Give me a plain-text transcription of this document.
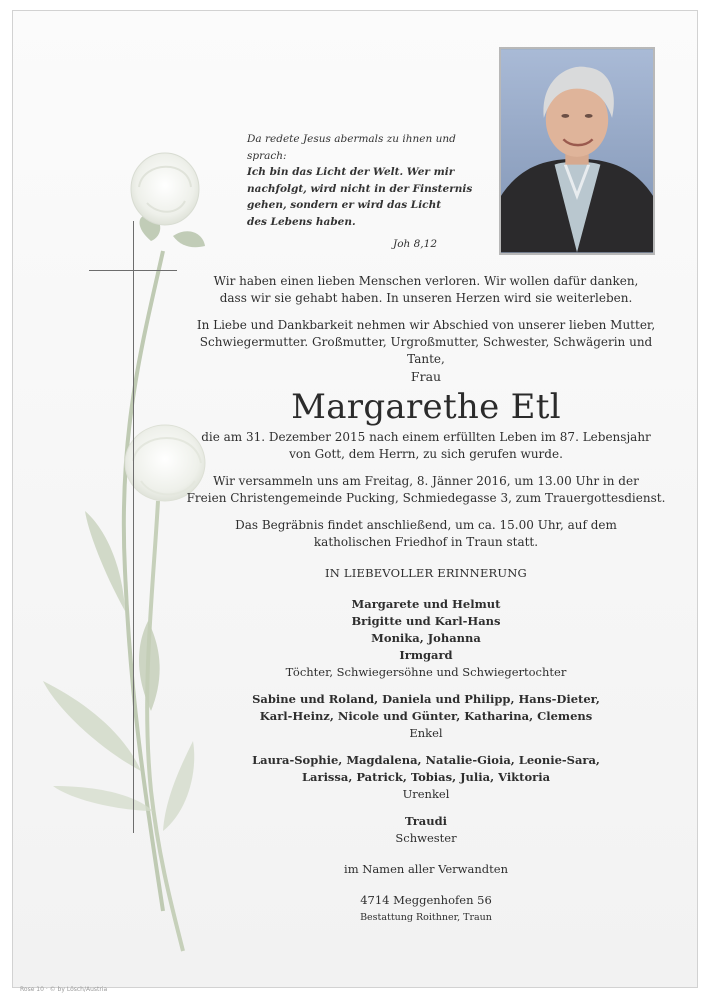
Da redete Jesus abermals zu ihnen und
sprach:
Ich bin das Licht der Welt. Wer mir
nachfolgt, wird nicht in der Finsternis
gehen, sondern er wird das Licht
des Lebens haben.
Joh 8,12

Wir haben einen lieben Menschen verloren. Wir wollen dafür danken,

dass wir sie gehabt haben. In unseren Herzen wird sie weiterleben.

In Liebe und Dankbarkeit nehmen wir Abschied von unserer lieben Mutter,

Schwiegermutter. Großmutter, Urgroßmutter, Schwester, Schwägerin und Tante,

Frau

Margarethe Etl

die am 31. Dezember 2015 nach einem erfüllten Leben im 87. Lebensjahr

von Gott, dem Herrn, zu sich gerufen wurde.

Wir versammeln uns am Freitag, 8. Jänner 2016, um 13.00 Uhr in der

Freien Christengemeinde Pucking, Schmiedegasse 3, zum Trauergottesdienst.

Das Begräbnis findet anschließend, um ca. 15.00 Uhr, auf dem

katholischen Friedhof in Traun statt.

IN LIEBEVOLLER ERINNERUNG

Margarete und Helmut

Brigitte und Karl-Hans

Monika, Johanna

Irmgard

Töchter, Schwiegersöhne und Schwiegertochter

Sabine und Roland, Daniela und Philipp, Hans-Dieter,

Karl-Heinz, Nicole und Günter, Katharina, Clemens

Enkel

Laura-Sophie, Magdalena, Natalie-Gioia, Leonie-Sara,

Larissa, Patrick, Tobias, Julia, Viktoria

Urenkel

Traudi

Schwester

im Namen aller Verwandten

4714 Meggenhofen 56

Bestattung Roithner, Traun

Rose 10 · © by Lösch/Austria
